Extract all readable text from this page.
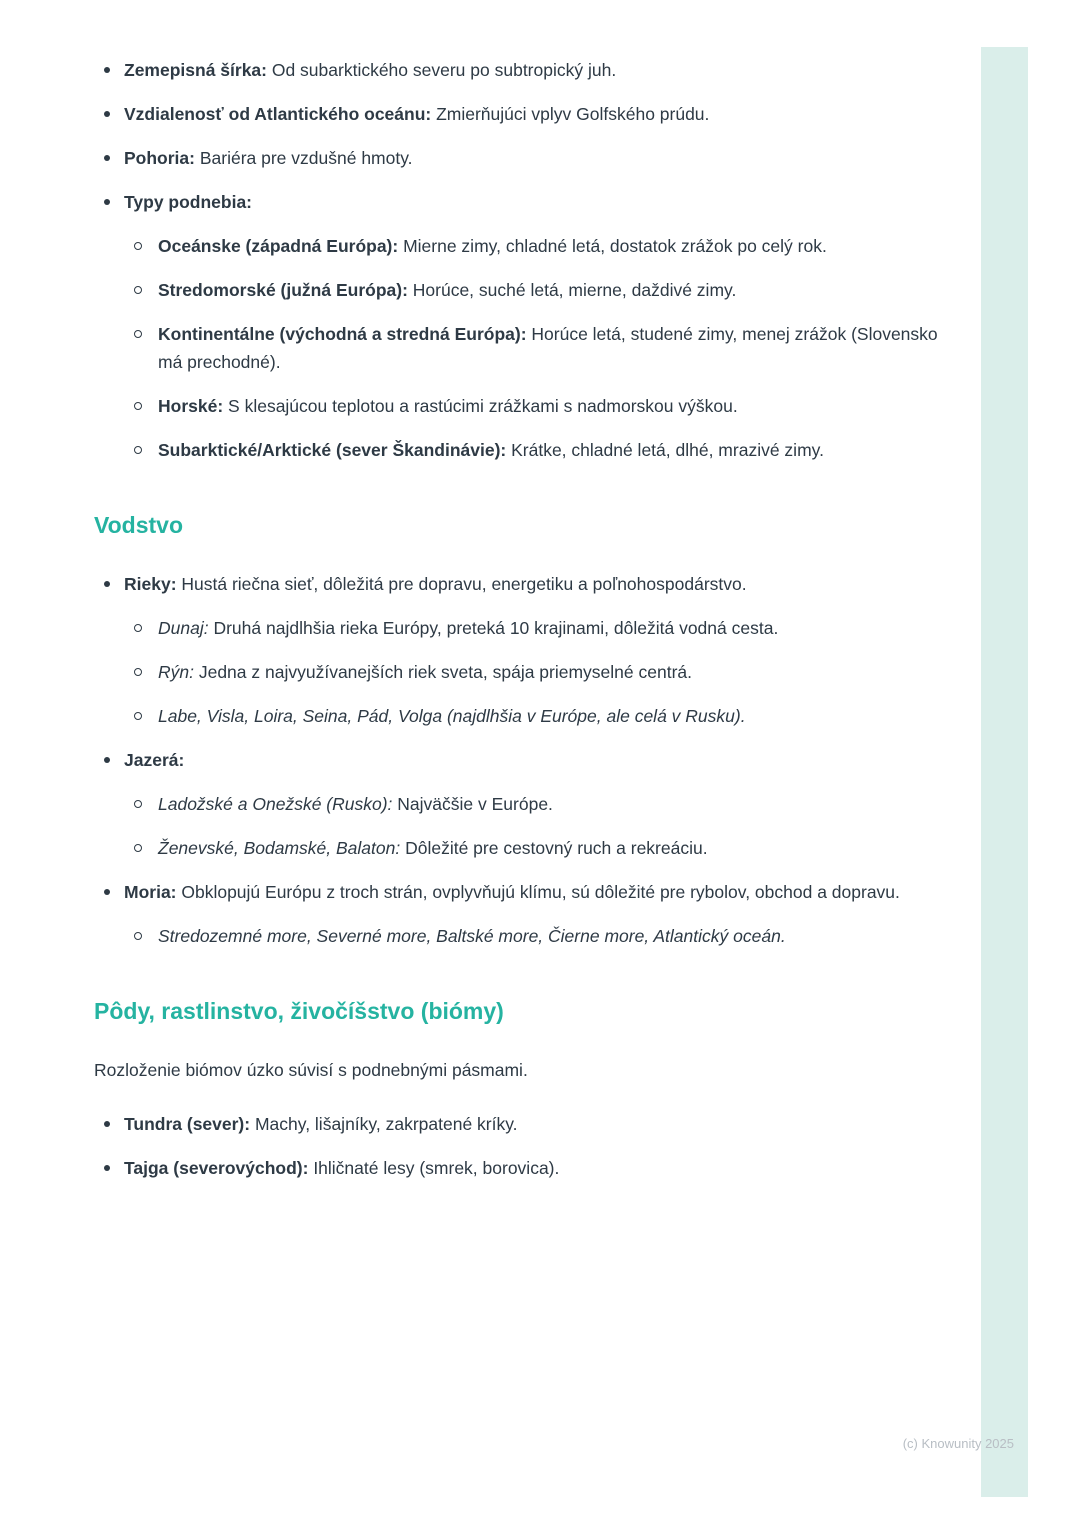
Zemepisná šírka: Od subarktického severu po subtropický juh.
Vzdialenosť od Atlantického oceánu: Zmierňujúci vplyv Golfského prúdu.
Pohoria: Bariéra pre vzdušné hmoty.
Typy podnebia:
Oceánske (západná Európa): Mierne zimy, chladné letá, dostatok zrážok po celý rok.
Stredomorské (južná Európa): Horúce, suché letá, mierne, daždivé zimy.
Kontinentálne (východná a stredná Európa): Horúce letá, studené zimy, menej zrážok (Slovensko má prechodné).
Horské: S klesajúcou teplotou a rastúcimi zrážkami s nadmorskou výškou.
Subarktické/Arktické (sever Škandinávie): Krátke, chladné letá, dlhé, mrazivé zimy.
Vodstvo
Rieky: Hustá riečna sieť, dôležitá pre dopravu, energetiku a poľnohospodárstvo.
Dunaj: Druhá najdlhšia rieka Európy, preteká 10 krajinami, dôležitá vodná cesta.
Rýn: Jedna z najvyužívanejších riek sveta, spája priemyselné centrá.
Labe, Visla, Loira, Seina, Pád, Volga (najdlhšia v Európe, ale celá v Rusku).
Jazerá:
Ladožské a Onežské (Rusko): Najväčšie v Európe.
Ženevské, Bodamské, Balaton: Dôležité pre cestovný ruch a rekreáciu.
Moria: Obklopujú Európu z troch strán, ovplyvňujú klímu, sú dôležité pre rybolov, obchod a dopravu.
Stredozemné more, Severné more, Baltské more, Čierne more, Atlantický oceán.
Pôdy, rastlinstvo, živočíšstvo (biómy)

Rozloženie biómov úzko súvisí s podnebnými pásmami.

Tundra (sever): Machy, lišajníky, zakrpatené kríky.
Tajga (severovýchod): Ihličnaté lesy (smrek, borovica).
(c) Knowunity 2025
